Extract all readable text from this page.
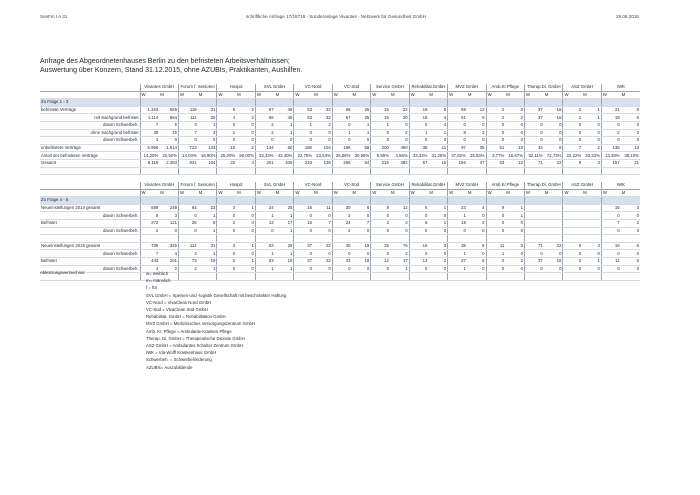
SenFin I A 31	schriftliche Anfrage 17/18718 - Sonderanlage Vivantes - Netzwerk für Gesundheit GmbH	29.06.2016
Anfrage des Abgeordnetenhauses Berlin zu den befristeten Arbeitsverhältnissen;
Auswertung über Konzern, Stand 31.12.2015, ohne AZUBIs, Praktikanten, Aushilfen.
	Vivantes GmbH		Forum f. Senioren		Hospiz		SVL GmbH		VC-Nord		VC-Süd		Service GmbH		Rehabilitat.GmbH		MVZ GmbH		Amb.Kr.Pflege		Therap.Di. GmbH		ASZ GmbH		IWK	
	W	M	W	M	W	M	W	M	W	M	W	M	W	M	W	M	W	M	W	M	W	M	W	M	W	M
Zu Frage 1 - 3																										
befristete Verträge	1.153	569	118	31	5	2	67	46	53	32	68	26	15	22	19	5	59	12	2	2	37	16	2	1	21	8
mit Sachgrund befristet	1.114	554	111	28	4	2	65	45	53	32	67	25	15	20	18	4	51	9	2	2	37	16	2	1	19	6
davon Schwerbeh.	7	5	3	1	0	0	2	1	1	2	0	1	1	0	0	4	0	0	0	0	0	0	0	0	0	0
ohne Sachgrund befristet	39	15	7	3	1	0	2	1	0	0	1	1	0	2	1	1	8	3	0	0	0	0	0	0	2	2
davon Schwerbeh.	1	0	0	0	0	0	0	0	0	0	0	0	0	0	0	0	0	0	0	0	0	0	0	0	0	0
unbefristete Verträge	6.966	1.914	723	133	15	2	134	60	180	104	198	58	200	460	38	11	97	35	51	10	34	6	7	2	136	13
Anteil der befristeten Verträge	14,20%	22,92%	14,03%	18,90%	25,00%	50,00%	33,33%	43,40%	22,75%	23,53%	25,56%	30,95%	6,98%	4,56%	33,33%	31,25%	37,82%	25,53%	3,77%	16,67%	52,11%	72,73%	22,22%	33,33%	13,38%	38,10%
Gesamt	8.119	2.483	841	164	20	4	201	106	233	136	266	84	215	482	57	16	156	47	53	12	71	22	9	3	157	21

	Vivantes GmbH		Forum f. Senioren		Hospiz		SVL GmbH		VC-Nord		VC-Süd		Service GmbH		Rehabilitat.GmbH		MVZ GmbH		Amb.Kr.Pflege		Therap.Di. GmbH		ASZ GmbH		IWK	
	W	M	W	M	W	M	W	M	W	M	W	M	W	M	W	M	W	M	W	M	W	M	W	M	W	M
Zu Frage 4 - 5																										
Neueinstellungen 2014 gesamt	589	249	64	23	3	1	24	25	16	11	30	8	8	12	6	1	23	4	9	1					15	3
davon Schwerbeh.	8	3	0	1	0	0	1	1	0	0	2	0	0	0	0	0	1	0	0	1					0	0
Befristet	272	121	26	8	2	0	12	17	15	7	24	7	2	3	6	1	19	2	0	0					7	2
davon Schwerbeh.	2	0	0	1	0	0	0	1	0	0	2	0	0	0	0	0	0	0	0	0					0	0

Neueinstellungen 2015 gesamt	736	325	114	31	3	1	53	29	37	22	45	19	25	76	16	3	35	6	11	3	71	22	9	3	16	6
davon Schwerbeh.	7	4	2	1	0	0	1	1	0	0	0	0	0	2	0	0	1	0	1	0	0	0	0	0	0	0
Befristet	443	201	73	19	2	1	53	19	37	22	43	18	12	17	13	2	27	6	2	2	37	16	2	1	11	6
davon Schwerbeh.	4	2	2	1	0	0	1	1	0	0	0	0	0	1	0	0	1	0	0	0	0	0	0	0	0	0

Abkürzungsverzeichnis:	w= weiblich
m= männlich
f = für
SVL GmbH = Speisen-und -logistik Gesellschaft mit beschränkter Haftung
VC-Nord = VivaClean Nord GmbH
VC-Süd = VivaClean Süd GmbH
Rehabilitat. GmbH = Rehabilitation GmbH
MVZ GmbH = Medizinisches Versorgungszentrum GmbH
Amb. Kr. Pflege = Ambulante Kranken Pflege
Therap. Di. GmbH = Therapeutische Dienste GmbH
ASZ GmbH = Ambulantes Schulter Zentrum GmbH
IWK = Ida-Wolff Krankenhaus GmbH
Schwerbeh. = Schwerbehinderung
AZUBIs= Auszubildende
